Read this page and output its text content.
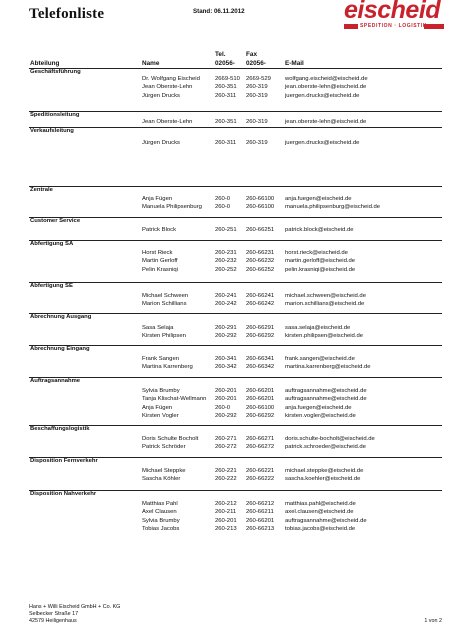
Telefonliste	Stand: 06.11.2012	eischeid
SPEDITION · LOGISTIK
Tel.	Fax
Abteilung	Name	02056- 02056-	E-Mail
Geschäftsführung
Dr. Wolfgang Eischeid	2669-510 2669-529 wolfgang.eischeid@eischeid.de
Jean Oberste-Lehn	260-351 260-319	jean.oberste-lehn@eischeid.de
Jürgen Drucks	260-311 260-319	juergen.drucks@eischeid.de
Speditionsleitung
Jean Oberste-Lehn	260-351 260-319	jean.oberste-lehn@eischeid.de
Verkaufsleitung
Jürgen Drucks	260-311 260-319	juergen.drucks@eischeid.de
Zentrale
Anja Fügen	260-0	260-66100 anja.fuegen@eischeid.de
Manuela Philipsenburg 260-0	260-66100 manuela.philipsenburg@eischeid.de
Customer Service
Patrick Block	260-251 260-66251 patrick.block@eischeid.de
Abfertigung SA
Horst Rieck	260-231 260-66231 horst.rieck@eischeid.de
Martin Gerloff	260-232 260-66232 martin.gerloff@eischeid.de
Pelin Krasniqi	260-252 260-66252 pelin.krasniqi@eischeid.de
Abfertigung SE
Michael Schween	260-241 260-66241 michael.schween@eischeid.de
Marion Schillians	260-242 260-66242 marion.schillians@eischeid.de
Abrechnung Ausgang
Sasa Selaja	260-291 260-66291 sasa.selaja@eischeid.de
Kirsten Philipsen	260-292 260-66292 kirsten.philipsen@eischeid.de
Abrechnung Eingang
Frank Sangen	260-341 260-66341 frank.sangen@eischeid.de
Martina Karrenberg	260-342 260-66342 martina.karrenberg@eischeid.de
Auftragsannahme
Sylvia Brumby	260-201 260-66201 auftragsannahme@eischeid.de
Tanja Klischat-Wellmann 260-201 260-66201 auftragsannahme@eischeid.de
Anja Fügen	260-0	260-66100 anja.fuegen@eischeid.de
Kirsten Vogler	260-292 260-66292 kirsten.vogler@eischeid.de
Beschaffungslogistik
Doris Schulte Bocholt	260-271 260-66271 doris.schulte-bocholt@eischeid.de
Patrick Schröder	260-272 260-66272 patrick.schroeder@eischeid.de
Disposition Fernverkehr
Michael Steppke	260-221 260-66221 michael.steppke@eischeid.de
Sascha Köhler	260-222 260-66222 sascha.koehler@eischeid.de
Disposition Nahverkehr
Matthias Pahl	260-212 260-66212 matthias.pahl@eischeid.de
Axel Clausen	260-211 260-66211 axel.clausen@eischeid.de
Sylvia Brumby	260-201 260-66201 auftragsannahme@eischeid.de
Tobias Jacobs	260-213 260-66213 tobias.jacobs@eischeid.de
Hans + Willi Eischeid GmbH + Co. KG
Selbecker Straße 17
42579 Heiligenhaus	1 von 2
